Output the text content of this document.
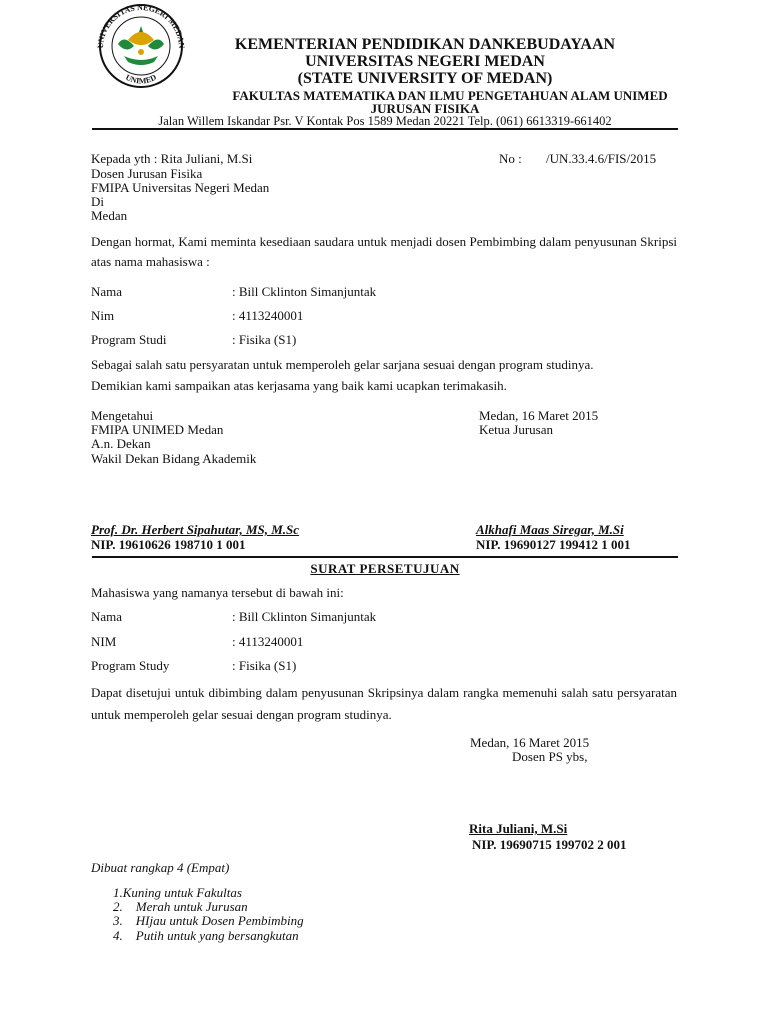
UNIVERSITAS NEGERI MEDAN
UNIMED
KEMENTERIAN PENDIDIKAN DANKEBUDAYAAN
UNIVERSITAS NEGERI MEDAN
(STATE UNIVERSITY OF MEDAN)
FAKULTAS MATEMATIKA DAN ILMU PENGETAHUAN ALAM UNIMED
JURUSAN FISIKA
Jalan Willem Iskandar Psr. V Kontak Pos 1589 Medan 20221 Telp. (061) 6613319-661402
Kepada yth : Rita Juliani, M.Si
Dosen Jurusan Fisika
FMIPA Universitas Negeri Medan
Di
Medan
No : /UN.33.4.6/FIS/2015
Dengan hormat, Kami meminta kesediaan saudara untuk menjadi dosen Pembimbing dalam penyusunan Skripsi atas nama mahasiswa :
Nama	: Bill Cklinton Simanjuntak
Nim	: 4113240001
Program Studi	: Fisika (S1)
Sebagai salah satu persyaratan untuk memperoleh gelar sarjana sesuai dengan program studinya.
Demikian kami sampaikan atas kerjasama yang baik kami ucapkan terimakasih.
Mengetahui
FMIPA UNIMED Medan
A.n. Dekan
Wakil Dekan Bidang Akademik
Medan, 16 Maret 2015
Ketua Jurusan
Prof. Dr. Herbert Sipahutar, MS, M.Sc
NIP. 19610626 198710 1 001
Alkhafi Maas Siregar, M.Si
NIP. 19690127 199412 1 001
SURAT PERSETUJUAN
Mahasiswa yang namanya tersebut di bawah ini:
Nama	: Bill Cklinton Simanjuntak
NIM	: 4113240001
Program Study	: Fisika (S1)
Dapat disetujui untuk dibimbing dalam penyusunan Skripsinya dalam rangka memenuhi salah satu persyaratan untuk memperoleh gelar sesuai dengan program studinya.
Medan, 16 Maret 2015
Dosen PS ybs,
Rita Juliani, M.Si
NIP. 19690715 199702 2 001
Dibuat rangkap 4 (Empat)
1.Kuning untuk Fakultas
2.    Merah untuk Jurusan
3.    HIjau untuk Dosen Pembimbing
4.    Putih untuk yang bersangkutan
